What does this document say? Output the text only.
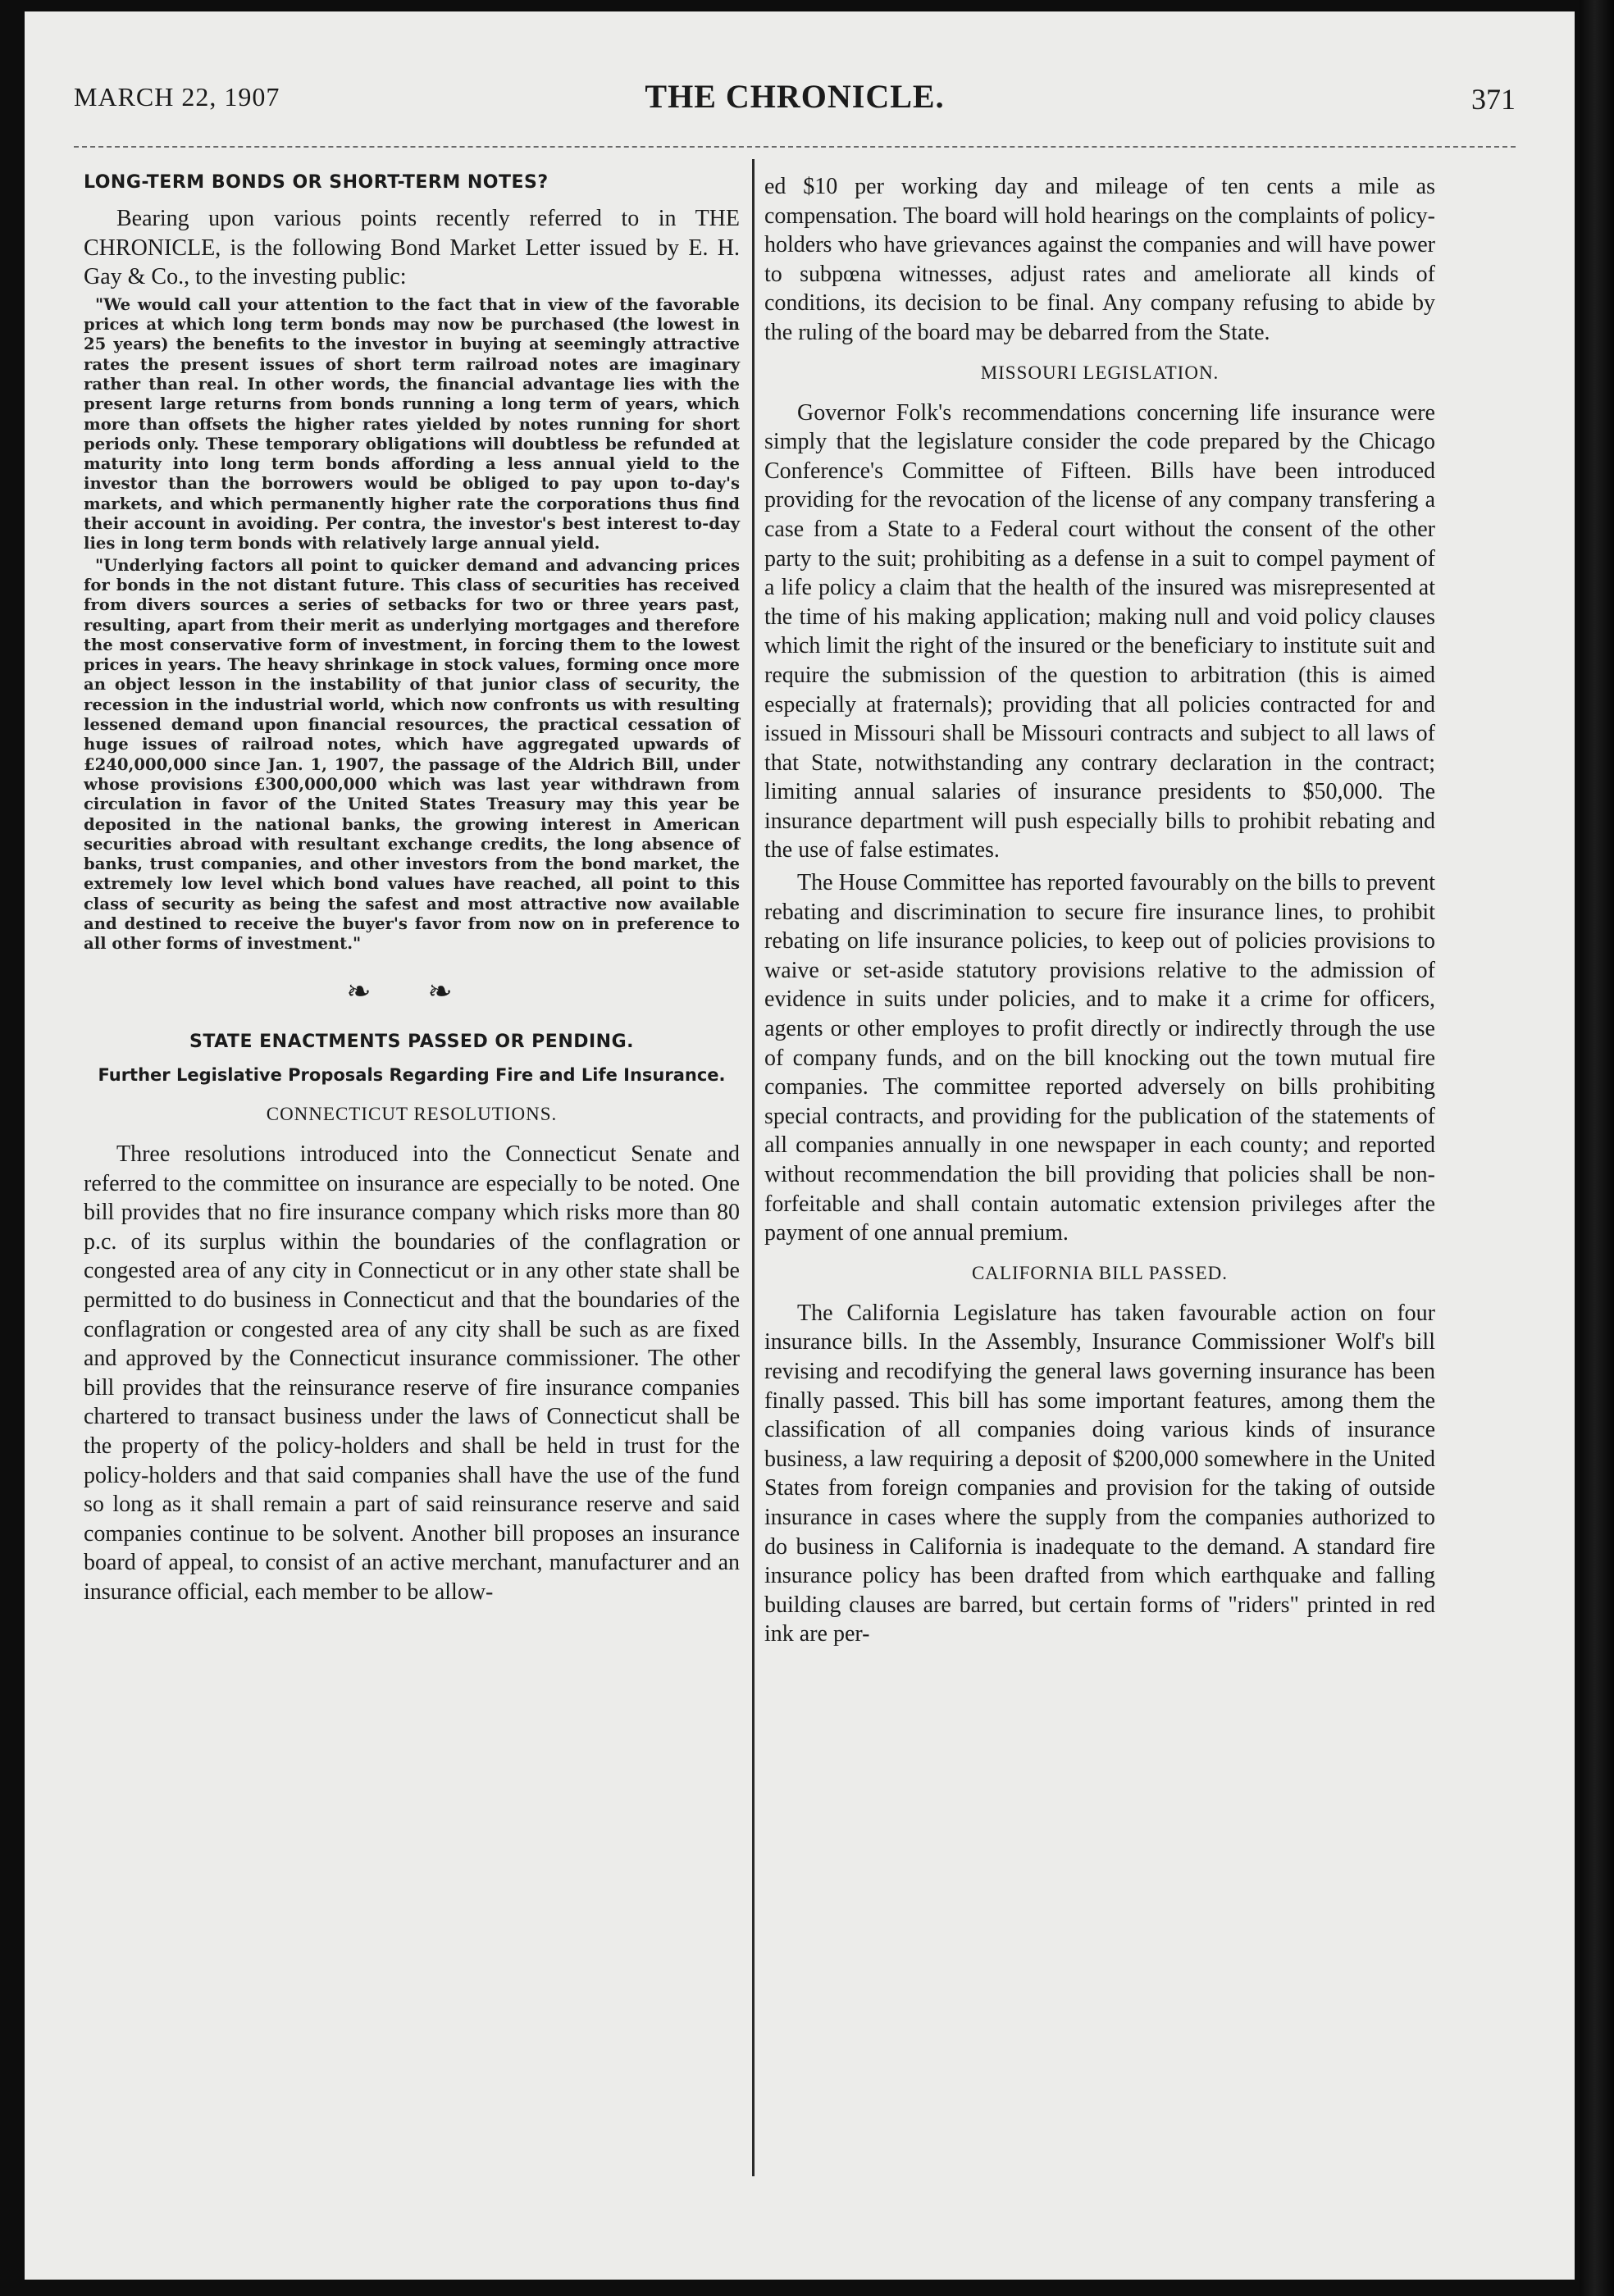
MARCH 22, 1907	THE CHRONICLE.	371
LONG-TERM BONDS OR SHORT-TERM NOTES?

Bearing upon various points recently referred to in THE CHRONICLE, is the following Bond Market Letter issued by E. H. Gay & Co., to the investing public:

"We would call your attention to the fact that in view of the favorable prices at which long term bonds may now be purchased (the lowest in 25 years) the benefits to the investor in buying at seemingly attractive rates the present issues of short term railroad notes are imaginary rather than real. In other words, the financial advantage lies with the present large returns from bonds running a long term of years, which more than offsets the higher rates yielded by notes running for short periods only. These temporary obligations will doubtless be refunded at maturity into long term bonds affording a less annual yield to the investor than the borrowers would be obliged to pay upon to-day's markets, and which permanently higher rate the corporations thus find their account in avoiding. Per contra, the investor's best interest to-day lies in long term bonds with relatively large annual yield.

"Underlying factors all point to quicker demand and advancing prices for bonds in the not distant future. This class of securities has received from divers sources a series of setbacks for two or three years past, resulting, apart from their merit as underlying mortgages and therefore the most conservative form of investment, in forcing them to the lowest prices in years. The heavy shrinkage in stock values, forming once more an object lesson in the instability of that junior class of security, the recession in the industrial world, which now confronts us with resulting lessened demand upon financial resources, the practical cessation of huge issues of railroad notes, which have aggregated upwards of £240,000,000 since Jan. 1, 1907, the passage of the Aldrich Bill, under whose provisions £300,000,000 which was last year withdrawn from circulation in favor of the United States Treasury may this year be deposited in the national banks, the growing interest in American securities abroad with resultant exchange credits, the long absence of banks, trust companies, and other investors from the bond market, the extremely low level which bond values have reached, all point to this class of security as being the safest and most attractive now available and destined to receive the buyer's favor from now on in preference to all other forms of investment."

❧ ❧
STATE ENACTMENTS PASSED OR PENDING.
Further Legislative Proposals Regarding Fire and Life Insurance.
CONNECTICUT RESOLUTIONS.

Three resolutions introduced into the Connecticut Senate and referred to the committee on insurance are especially to be noted. One bill provides that no fire insurance company which risks more than 80 p.c. of its surplus within the boundaries of the conflagration or congested area of any city in Connecticut or in any other state shall be permitted to do business in Connecticut and that the boundaries of the conflagration or congested area of any city shall be such as are fixed and approved by the Connecticut insurance commissioner. The other bill provides that the reinsurance reserve of fire insurance companies chartered to transact business under the laws of Connecticut shall be the property of the policy-holders and shall be held in trust for the policy-holders and that said companies shall have the use of the fund so long as it shall remain a part of said reinsurance reserve and said companies continue to be solvent. Another bill proposes an insurance board of appeal, to consist of an active merchant, manufacturer and an insurance official, each member to be allow-

ed $10 per working day and mileage of ten cents a mile as compensation. The board will hold hearings on the complaints of policy-holders who have grievances against the companies and will have power to subpœna witnesses, adjust rates and ameliorate all kinds of conditions, its decision to be final. Any company refusing to abide by the ruling of the board may be debarred from the State.

MISSOURI LEGISLATION.

Governor Folk's recommendations concerning life insurance were simply that the legislature consider the code prepared by the Chicago Conference's Committee of Fifteen. Bills have been introduced providing for the revocation of the license of any company transfering a case from a State to a Federal court without the consent of the other party to the suit; prohibiting as a defense in a suit to compel payment of a life policy a claim that the health of the insured was misrepresented at the time of his making application; making null and void policy clauses which limit the right of the insured or the beneficiary to institute suit and require the submission of the question to arbitration (this is aimed especially at fraternals); providing that all policies contracted for and issued in Missouri shall be Missouri contracts and subject to all laws of that State, notwithstanding any contrary declaration in the contract; limiting annual salaries of insurance presidents to $50,000. The insurance department will push especially bills to prohibit rebating and the use of false estimates.

The House Committee has reported favourably on the bills to prevent rebating and discrimination to secure fire insurance lines, to prohibit rebating on life insurance policies, to keep out of policies provisions to waive or set-aside statutory provisions relative to the admission of evidence in suits under policies, and to make it a crime for officers, agents or other employes to profit directly or indirectly through the use of company funds, and on the bill knocking out the town mutual fire companies. The committee reported adversely on bills prohibiting special contracts, and providing for the publication of the statements of all companies annually in one newspaper in each county; and reported without recommendation the bill providing that policies shall be non-forfeitable and shall contain automatic extension privileges after the payment of one annual premium.

CALIFORNIA BILL PASSED.

The California Legislature has taken favourable action on four insurance bills. In the Assembly, Insurance Commissioner Wolf's bill revising and recodifying the general laws governing insurance has been finally passed. This bill has some important features, among them the classification of all companies doing various kinds of insurance business, a law requiring a deposit of $200,000 somewhere in the United States from foreign companies and provision for the taking of outside insurance in cases where the supply from the companies authorized to do business in California is inadequate to the demand. A standard fire insurance policy has been drafted from which earthquake and falling building clauses are barred, but certain forms of "riders" printed in red ink are per-
